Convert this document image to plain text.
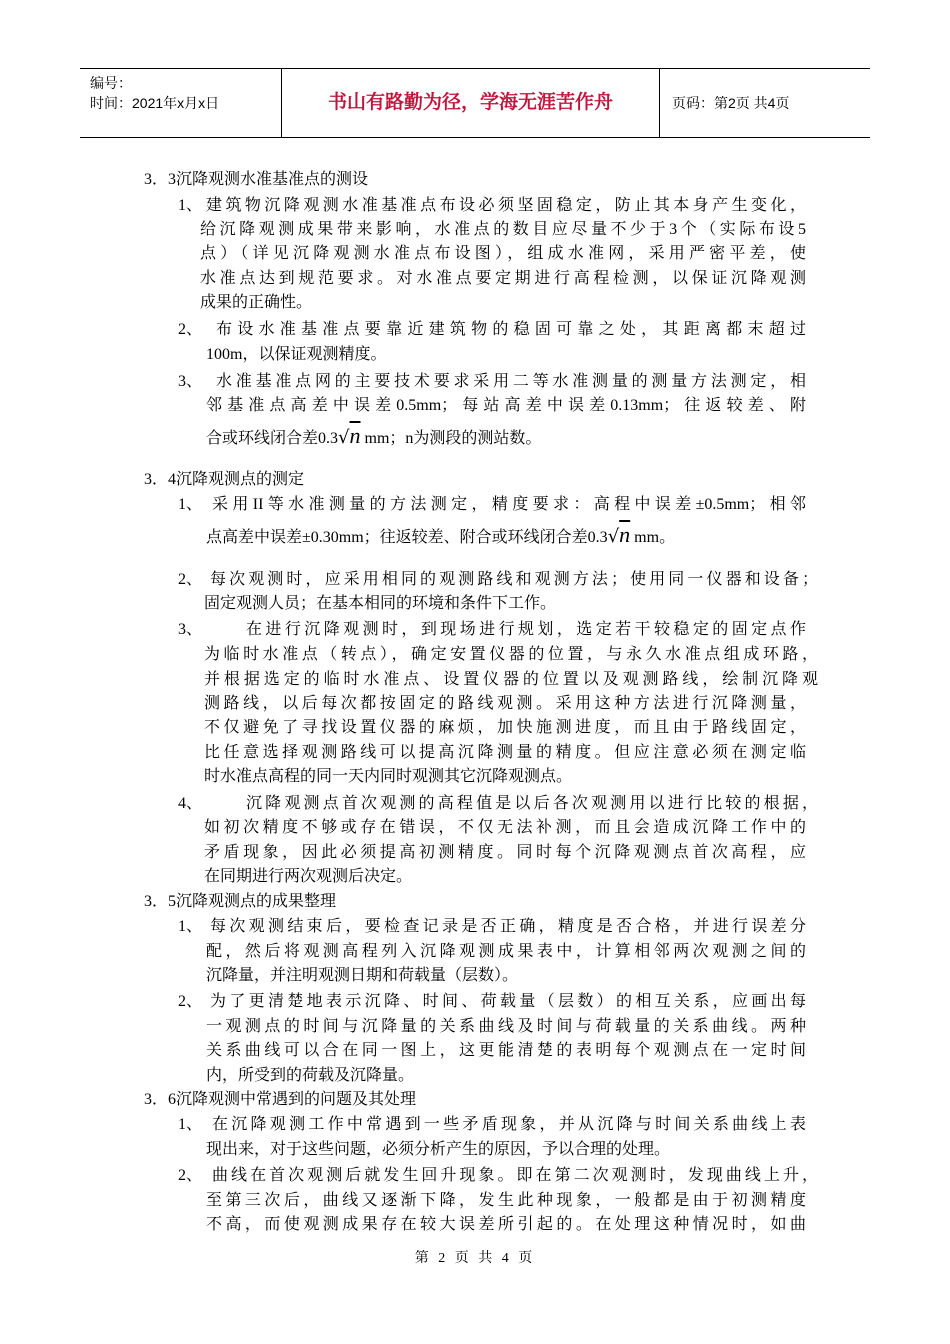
编号：
时间：2021年x月x日	书山有路勤为径，学海无涯苦作舟	页码：第2页 共4页
3．3沉降观测水准基准点的测设
1、 建筑物沉降观测水准基准点布设必须坚固稳定，防止其本身产生变化，
给沉降观测成果带来影响，水准点的数目应尽量不少于3个（实际布设5
点）（详见沉降观测水准点布设图），组成水准网，采用严密平差，使
水准点达到规范要求。对水准点要定期进行高程检测，以保证沉降观测
成果的正确性。
2、 布设水准基准点要靠近建筑物的稳固可靠之处，其距离都末超过
100m，以保证观测精度。
3、 水准基准点网的主要技术要求采用二等水准测量的测量方法测定，相
邻基准点高差中误差0.5mm；每站高差中误差0.13mm；往返较差、附
合或环线闭合差0.3√n mm；n为测段的测站数。
3．4沉降观测点的测定
1、 采用II等水准测量的方法测定，精度要求：高程中误差±0.5mm；相邻
点高差中误差±0.30mm；往返较差、附合或环线闭合差0.3√n mm。
2、 每次观测时，应采用相同的观测路线和观测方法；使用同一仪器和设备；
固定观测人员；在基本相同的环境和条件下工作。
3、	在进行沉降观测时，到现场进行规划，选定若干较稳定的固定点作
为临时水准点（转点），确定安置仪器的位置，与永久水准点组成环路，
并根据选定的临时水准点、设置仪器的位置以及观测路线，绘制沉降观
测路线，以后每次都按固定的路线观测。采用这种方法进行沉降测量，
不仅避免了寻找设置仪器的麻烦，加快施测进度，而且由于路线固定，
比任意选择观测路线可以提高沉降测量的精度。但应注意必须在测定临
时水准点高程的同一天内同时观测其它沉降观测点。
4、	沉降观测点首次观测的高程值是以后各次观测用以进行比较的根据，
如初次精度不够或存在错误，不仅无法补测，而且会造成沉降工作中的
矛盾现象，因此必须提高初测精度。同时每个沉降观测点首次高程，应
在同期进行两次观测后决定。
3．5沉降观测点的成果整理
1、 每次观测结束后，要检查记录是否正确，精度是否合格，并进行误差分
配，然后将观测高程列入沉降观测成果表中，计算相邻两次观测之间的
沉降量，并注明观测日期和荷载量（层数）。
2、 为了更清楚地表示沉降、时间、荷载量（层数）的相互关系，应画出每
一观测点的时间与沉降量的关系曲线及时间与荷载量的关系曲线。两种
关系曲线可以合在同一图上，这更能清楚的表明每个观测点在一定时间
内，所受到的荷载及沉降量。
3．6沉降观测中常遇到的问题及其处理
1、 在沉降观测工作中常遇到一些矛盾现象，并从沉降与时间关系曲线上表
现出来，对于这些问题，必须分析产生的原因，予以合理的处理。
2、 曲线在首次观测后就发生回升现象。即在第二次观测时，发现曲线上升，
至第三次后，曲线又逐渐下降，发生此种现象，一般都是由于初测精度
不高，而使观测成果存在较大误差所引起的。在处理这种情况时，如曲
第 2 页 共 4 页
